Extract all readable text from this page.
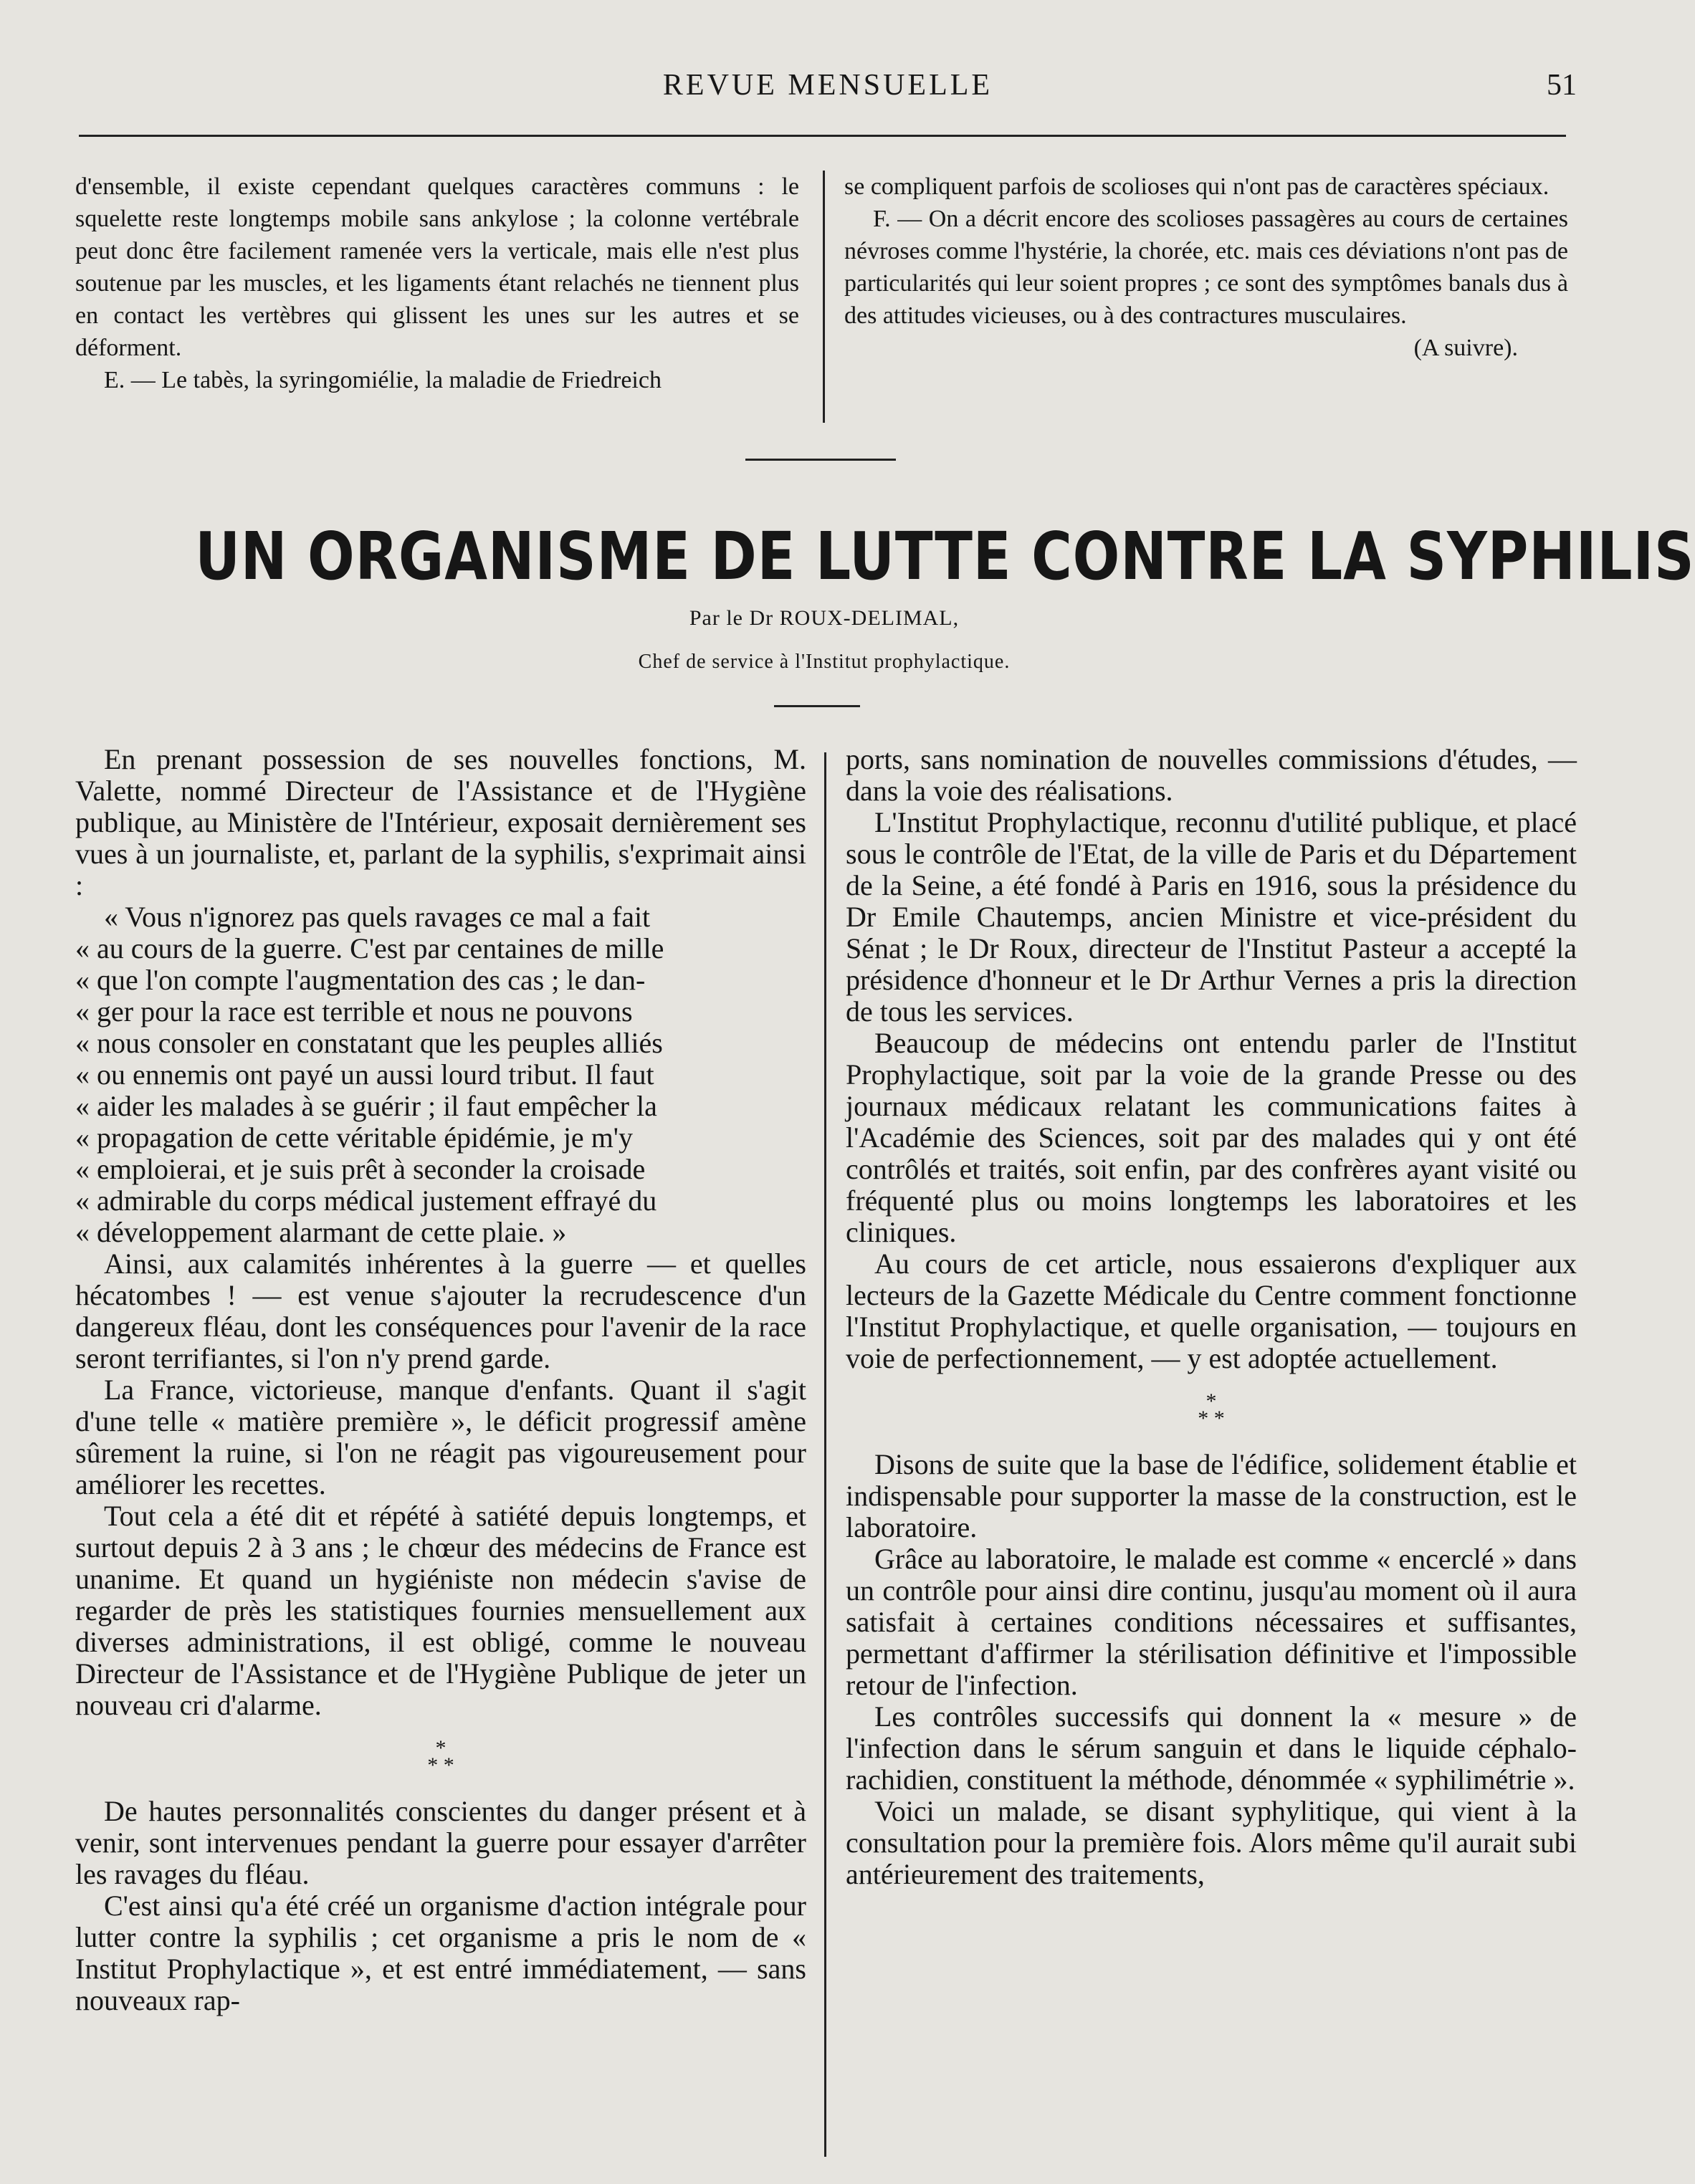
REVUE MENSUELLE	51

d'ensemble, il existe cependant quelques caractères communs : le squelette reste longtemps mobile sans ankylose ; la colonne vertébrale peut donc être facilement ramenée vers la verticale, mais elle n'est plus soutenue par les muscles, et les ligaments étant relachés ne tiennent plus en contact les vertèbres qui glissent les unes sur les autres et se déforment.

E. — Le tabès, la syringomiélie, la maladie de Friedreich

se compliquent parfois de scolioses qui n'ont pas de caractères spéciaux.

F. — On a décrit encore des scolioses passagères au cours de certaines névroses comme l'hystérie, la chorée, etc. mais ces déviations n'ont pas de particularités qui leur soient propres ; ce sont des symptômes banals dus à des attitudes vicieuses, ou à des contractures musculaires.

(A suivre).

UN ORGANISME DE LUTTE CONTRE LA SYPHILIS
Par le Dr ROUX-DELIMAL,
Chef de service à l'Institut prophylactique.

En prenant possession de ses nouvelles fonctions, M. Valette, nommé Directeur de l'Assistance et de l'Hygiène publique, au Ministère de l'Intérieur, exposait dernièrement ses vues à un journaliste, et, parlant de la syphilis, s'exprimait ainsi :

« Vous n'ignorez pas quels ravages ce mal a fait

« au cours de la guerre. C'est par centaines de mille

« que l'on compte l'augmentation des cas ; le dan-

« ger pour la race est terrible et nous ne pouvons

« nous consoler en constatant que les peuples alliés

« ou ennemis ont payé un aussi lourd tribut. Il faut

« aider les malades à se guérir ; il faut empêcher la

« propagation de cette véritable épidémie, je m'y

« emploierai, et je suis prêt à seconder la croisade

« admirable du corps médical justement effrayé du

« développement alarmant de cette plaie. »

Ainsi, aux calamités inhérentes à la guerre — et quelles hécatombes ! — est venue s'ajouter la recrudescence d'un dangereux fléau, dont les conséquences pour l'avenir de la race seront terrifiantes, si l'on n'y prend garde.

La France, victorieuse, manque d'enfants. Quant il s'agit d'une telle « matière première », le déficit progressif amène sûrement la ruine, si l'on ne réagit pas vigoureusement pour améliorer les recettes.

Tout cela a été dit et répété à satiété depuis longtemps, et surtout depuis 2 à 3 ans ; le chœur des médecins de France est unanime. Et quand un hygiéniste non médecin s'avise de regarder de près les statistiques fournies mensuellement aux diverses administrations, il est obligé, comme le nouveau Directeur de l'Assistance et de l'Hygiène Publique de jeter un nouveau cri d'alarme.

*
* *

De hautes personnalités conscientes du danger présent et à venir, sont intervenues pendant la guerre pour essayer d'arrêter les ravages du fléau.

C'est ainsi qu'a été créé un organisme d'action intégrale pour lutter contre la syphilis ; cet organisme a pris le nom de « Institut Prophylactique », et est entré immédiatement, — sans nouveaux rap-

ports, sans nomination de nouvelles commissions d'études, — dans la voie des réalisations.

L'Institut Prophylactique, reconnu d'utilité publique, et placé sous le contrôle de l'Etat, de la ville de Paris et du Département de la Seine, a été fondé à Paris en 1916, sous la présidence du Dr Emile Chautemps, ancien Ministre et vice-président du Sénat ; le Dr Roux, directeur de l'Institut Pasteur a accepté la présidence d'honneur et le Dr Arthur Vernes a pris la direction de tous les services.

Beaucoup de médecins ont entendu parler de l'Institut Prophylactique, soit par la voie de la grande Presse ou des journaux médicaux relatant les communications faites à l'Académie des Sciences, soit par des malades qui y ont été contrôlés et traités, soit enfin, par des confrères ayant visité ou fréquenté plus ou moins longtemps les laboratoires et les cliniques.

Au cours de cet article, nous essaierons d'expliquer aux lecteurs de la Gazette Médicale du Centre comment fonctionne l'Institut Prophylactique, et quelle organisation, — toujours en voie de perfectionnement, — y est adoptée actuellement.

*
* *

Disons de suite que la base de l'édifice, solidement établie et indispensable pour supporter la masse de la construction, est le laboratoire.

Grâce au laboratoire, le malade est comme « encerclé » dans un contrôle pour ainsi dire continu, jusqu'au moment où il aura satisfait à certaines conditions nécessaires et suffisantes, permettant d'affirmer la stérilisation définitive et l'impossible retour de l'infection.

Les contrôles successifs qui donnent la « mesure » de l'infection dans le sérum sanguin et dans le liquide céphalo-rachidien, constituent la méthode, dénommée « syphilimétrie ».

Voici un malade, se disant syphylitique, qui vient à la consultation pour la première fois. Alors même qu'il aurait subi antérieurement des traitements,
